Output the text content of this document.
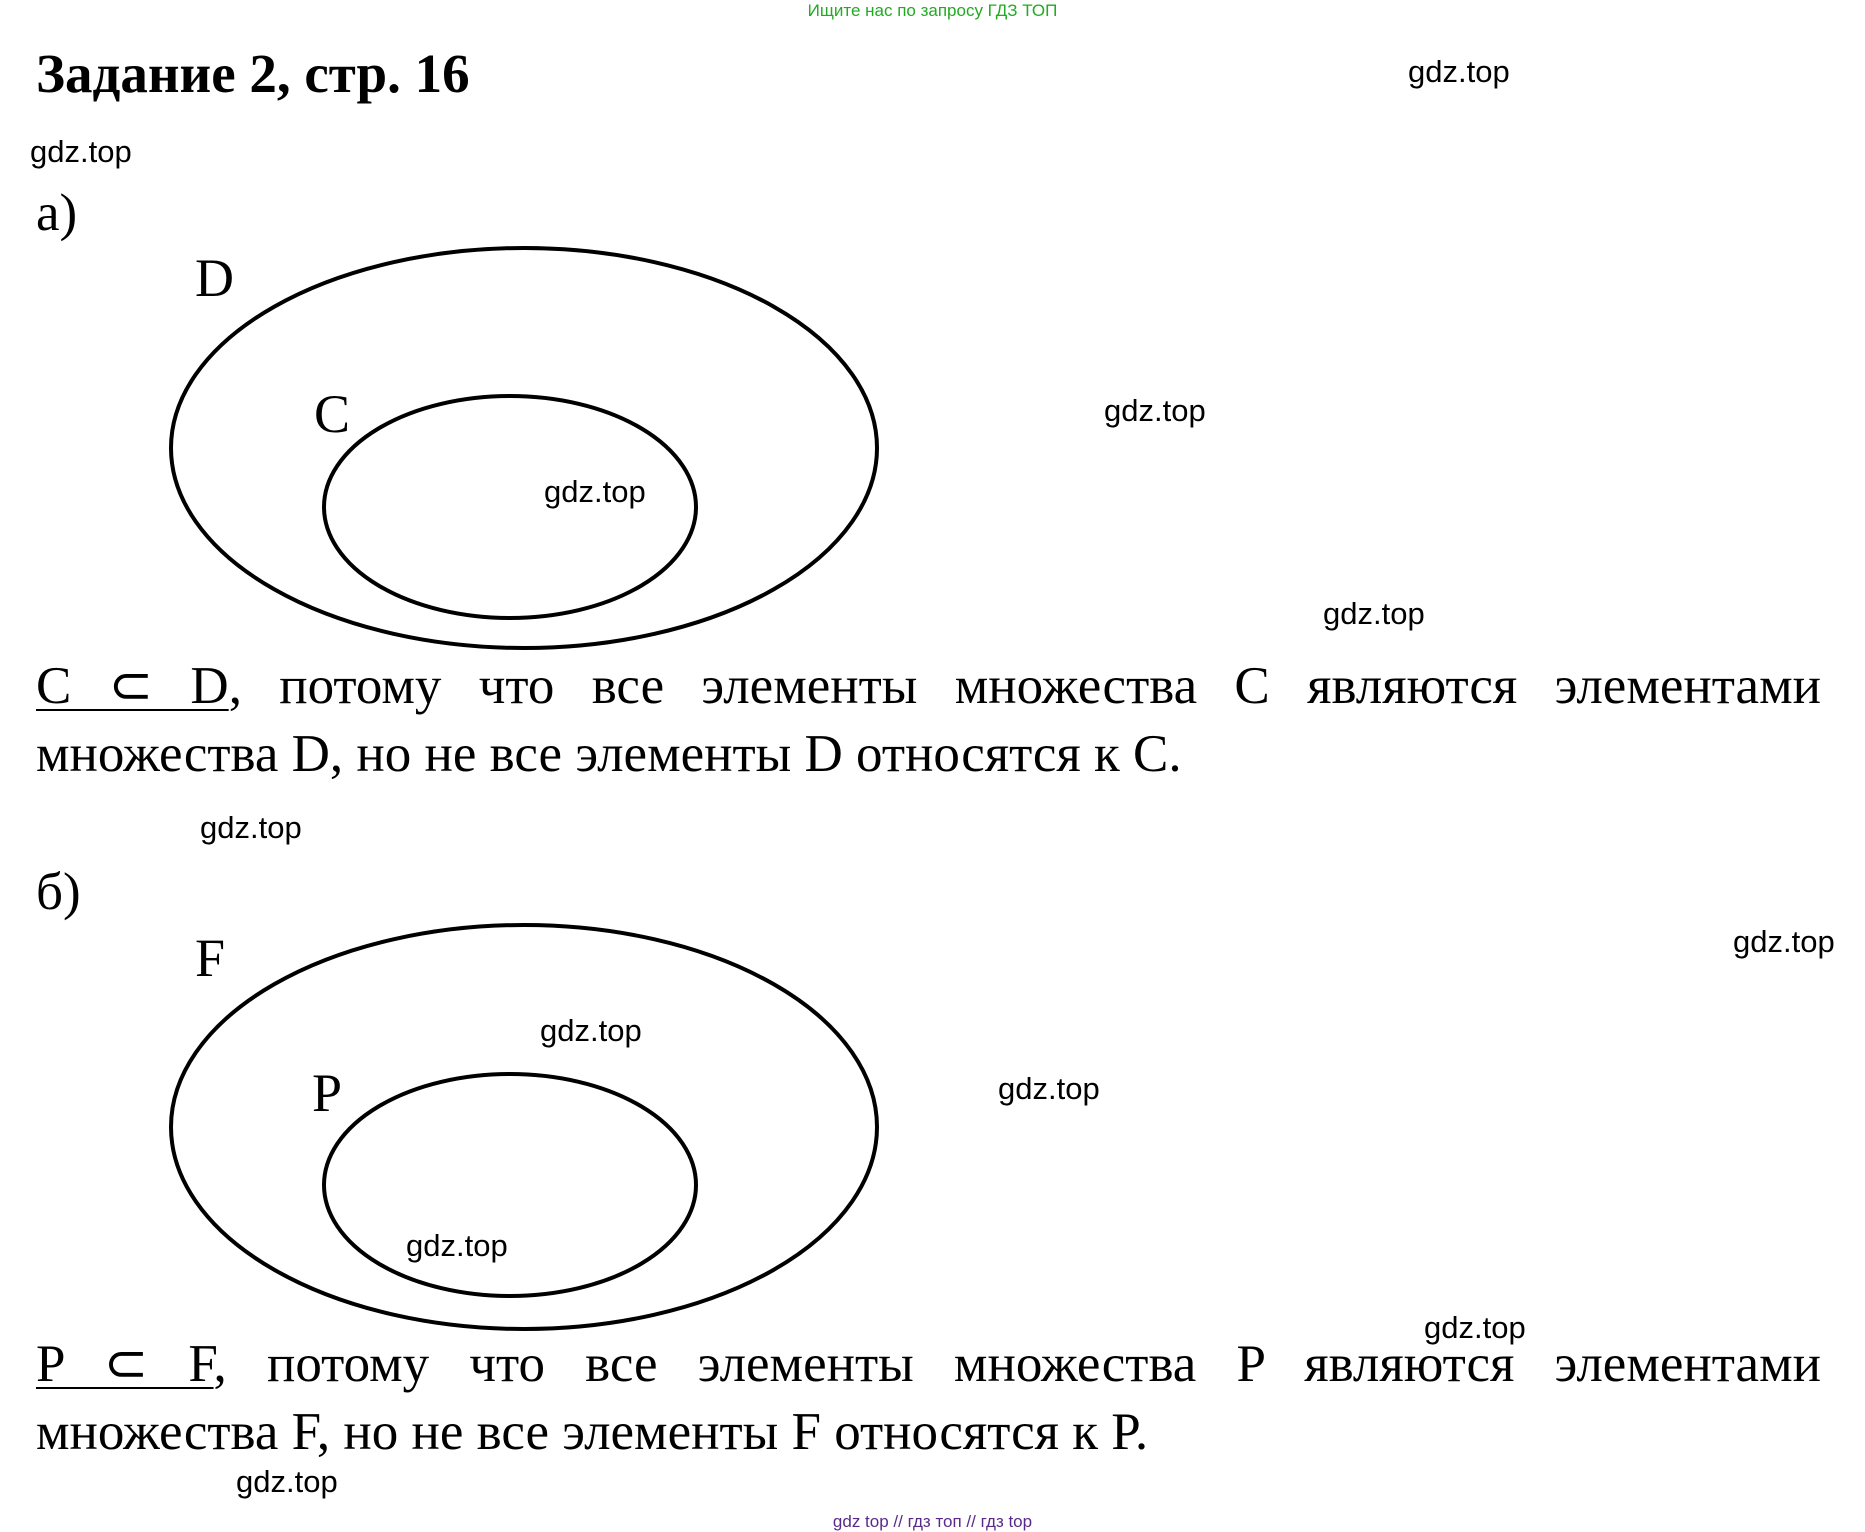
Ищите нас по запросу ГДЗ ТОП
Задание 2, стр. 16	gdz.top
gdz.top
gdz.top
gdz.top
gdz.top
gdz.top
gdz.top
gdz.top
gdz.top
gdz.top
gdz.top
gdz.top
а)
D
C
C ⊂ D, потому что все элементы множества C являются элементами
множества D, но не все элементы D относятся к C.
б)
F
P
P ⊂ F, потому что все элементы множества P являются элементами
множества F, но не все элементы F относятся к P.
gdz top // гдз топ // гдз top
